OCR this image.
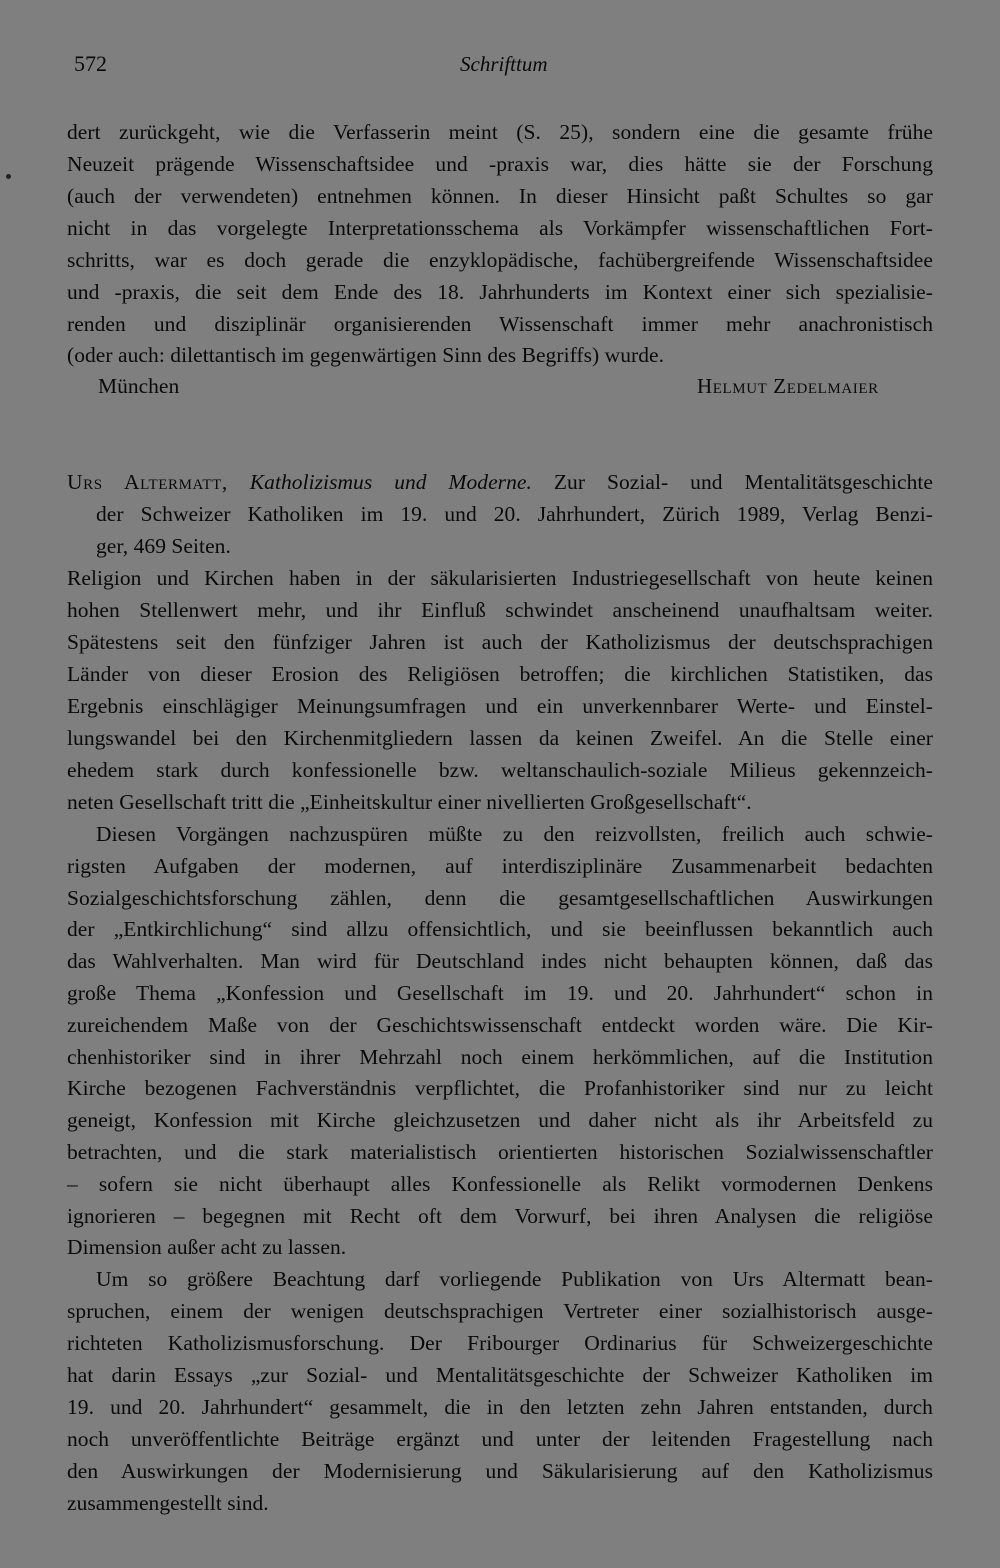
572	Schrifttum
dert zurückgeht, wie die Verfasserin meint (S. 25), sondern eine die gesamte frühe
Neuzeit prägende Wissenschaftsidee und -praxis war, dies hätte sie der Forschung
(auch der verwendeten) entnehmen können. In dieser Hinsicht paßt Schultes so gar
nicht in das vorgelegte Interpretationsschema als Vorkämpfer wissenschaftlichen Fort-
schritts, war es doch gerade die enzyklopädische, fachübergreifende Wissenschaftsidee
und -praxis, die seit dem Ende des 18. Jahrhunderts im Kontext einer sich spezialisie-
renden und disziplinär organisierenden Wissenschaft immer mehr anachronistisch
(oder auch: dilettantisch im gegenwärtigen Sinn des Begriffs) wurde.
München	Helmut Zedelmaier
Urs Altermatt, Katholizismus und Moderne. Zur Sozial- und Mentalitätsgeschichte
der Schweizer Katholiken im 19. und 20. Jahrhundert, Zürich 1989, Verlag Benzi-
ger, 469 Seiten.
Religion und Kirchen haben in der säkularisierten Industriegesellschaft von heute keinen
hohen Stellenwert mehr, und ihr Einfluß schwindet anscheinend unaufhaltsam weiter.
Spätestens seit den fünfziger Jahren ist auch der Katholizismus der deutschsprachigen
Länder von dieser Erosion des Religiösen betroffen; die kirchlichen Statistiken, das
Ergebnis einschlägiger Meinungsumfragen und ein unverkennbarer Werte- und Einstel-
lungswandel bei den Kirchenmitgliedern lassen da keinen Zweifel. An die Stelle einer
ehedem stark durch konfessionelle bzw. weltanschaulich-soziale Milieus gekennzeich-
neten Gesellschaft tritt die „Einheitskultur einer nivellierten Großgesellschaft“.
Diesen Vorgängen nachzuspüren müßte zu den reizvollsten, freilich auch schwie-
rigsten Aufgaben der modernen, auf interdisziplinäre Zusammenarbeit bedachten
Sozialgeschichtsforschung zählen, denn die gesamtgesellschaftlichen Auswirkungen
der „Entkirchlichung“ sind allzu offensichtlich, und sie beeinflussen bekanntlich auch
das Wahlverhalten. Man wird für Deutschland indes nicht behaupten können, daß das
große Thema „Konfession und Gesellschaft im 19. und 20. Jahrhundert“ schon in
zureichendem Maße von der Geschichtswissenschaft entdeckt worden wäre. Die Kir-
chenhistoriker sind in ihrer Mehrzahl noch einem herkömmlichen, auf die Institution
Kirche bezogenen Fachverständnis verpflichtet, die Profanhistoriker sind nur zu leicht
geneigt, Konfession mit Kirche gleichzusetzen und daher nicht als ihr Arbeitsfeld zu
betrachten, und die stark materialistisch orientierten historischen Sozialwissenschaftler
– sofern sie nicht überhaupt alles Konfessionelle als Relikt vormodernen Denkens
ignorieren – begegnen mit Recht oft dem Vorwurf, bei ihren Analysen die religiöse
Dimension außer acht zu lassen.
Um so größere Beachtung darf vorliegende Publikation von Urs Altermatt bean-
spruchen, einem der wenigen deutschsprachigen Vertreter einer sozialhistorisch ausge-
richteten Katholizismusforschung. Der Fribourger Ordinarius für Schweizergeschichte
hat darin Essays „zur Sozial- und Mentalitätsgeschichte der Schweizer Katholiken im
19. und 20. Jahrhundert“ gesammelt, die in den letzten zehn Jahren entstanden, durch
noch unveröffentlichte Beiträge ergänzt und unter der leitenden Fragestellung nach
den Auswirkungen der Modernisierung und Säkularisierung auf den Katholizismus
zusammengestellt sind.
